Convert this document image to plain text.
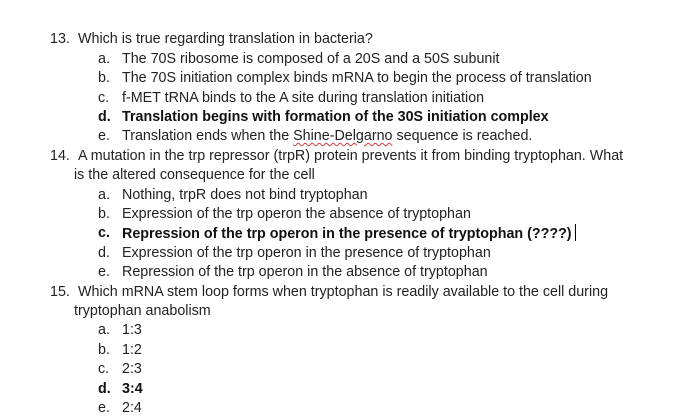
13. Which is true regarding translation in bacteria?
a. The 70S ribosome is composed of a 20S and a 50S subunit
b. The 70S initiation complex binds mRNA to begin the process of translation
c. f-MET tRNA binds to the A site during translation initiation
d. Translation begins with formation of the 30S initiation complex
e. Translation ends when the Shine-Delgarno sequence is reached.
14. A mutation in the trp repressor (trpR) protein prevents it from binding tryptophan. What
is the altered consequence for the cell
a. Nothing, trpR does not bind tryptophan
b. Expression of the trp operon the absence of tryptophan
c. Repression of the trp operon in the presence of tryptophan (????)
d. Expression of the trp operon in the presence of tryptophan
e. Repression of the trp operon in the absence of tryptophan
15. Which mRNA stem loop forms when tryptophan is readily available to the cell during
tryptophan anabolism
a. 1:3
b. 1:2
c. 2:3
d. 3:4
e. 2:4
